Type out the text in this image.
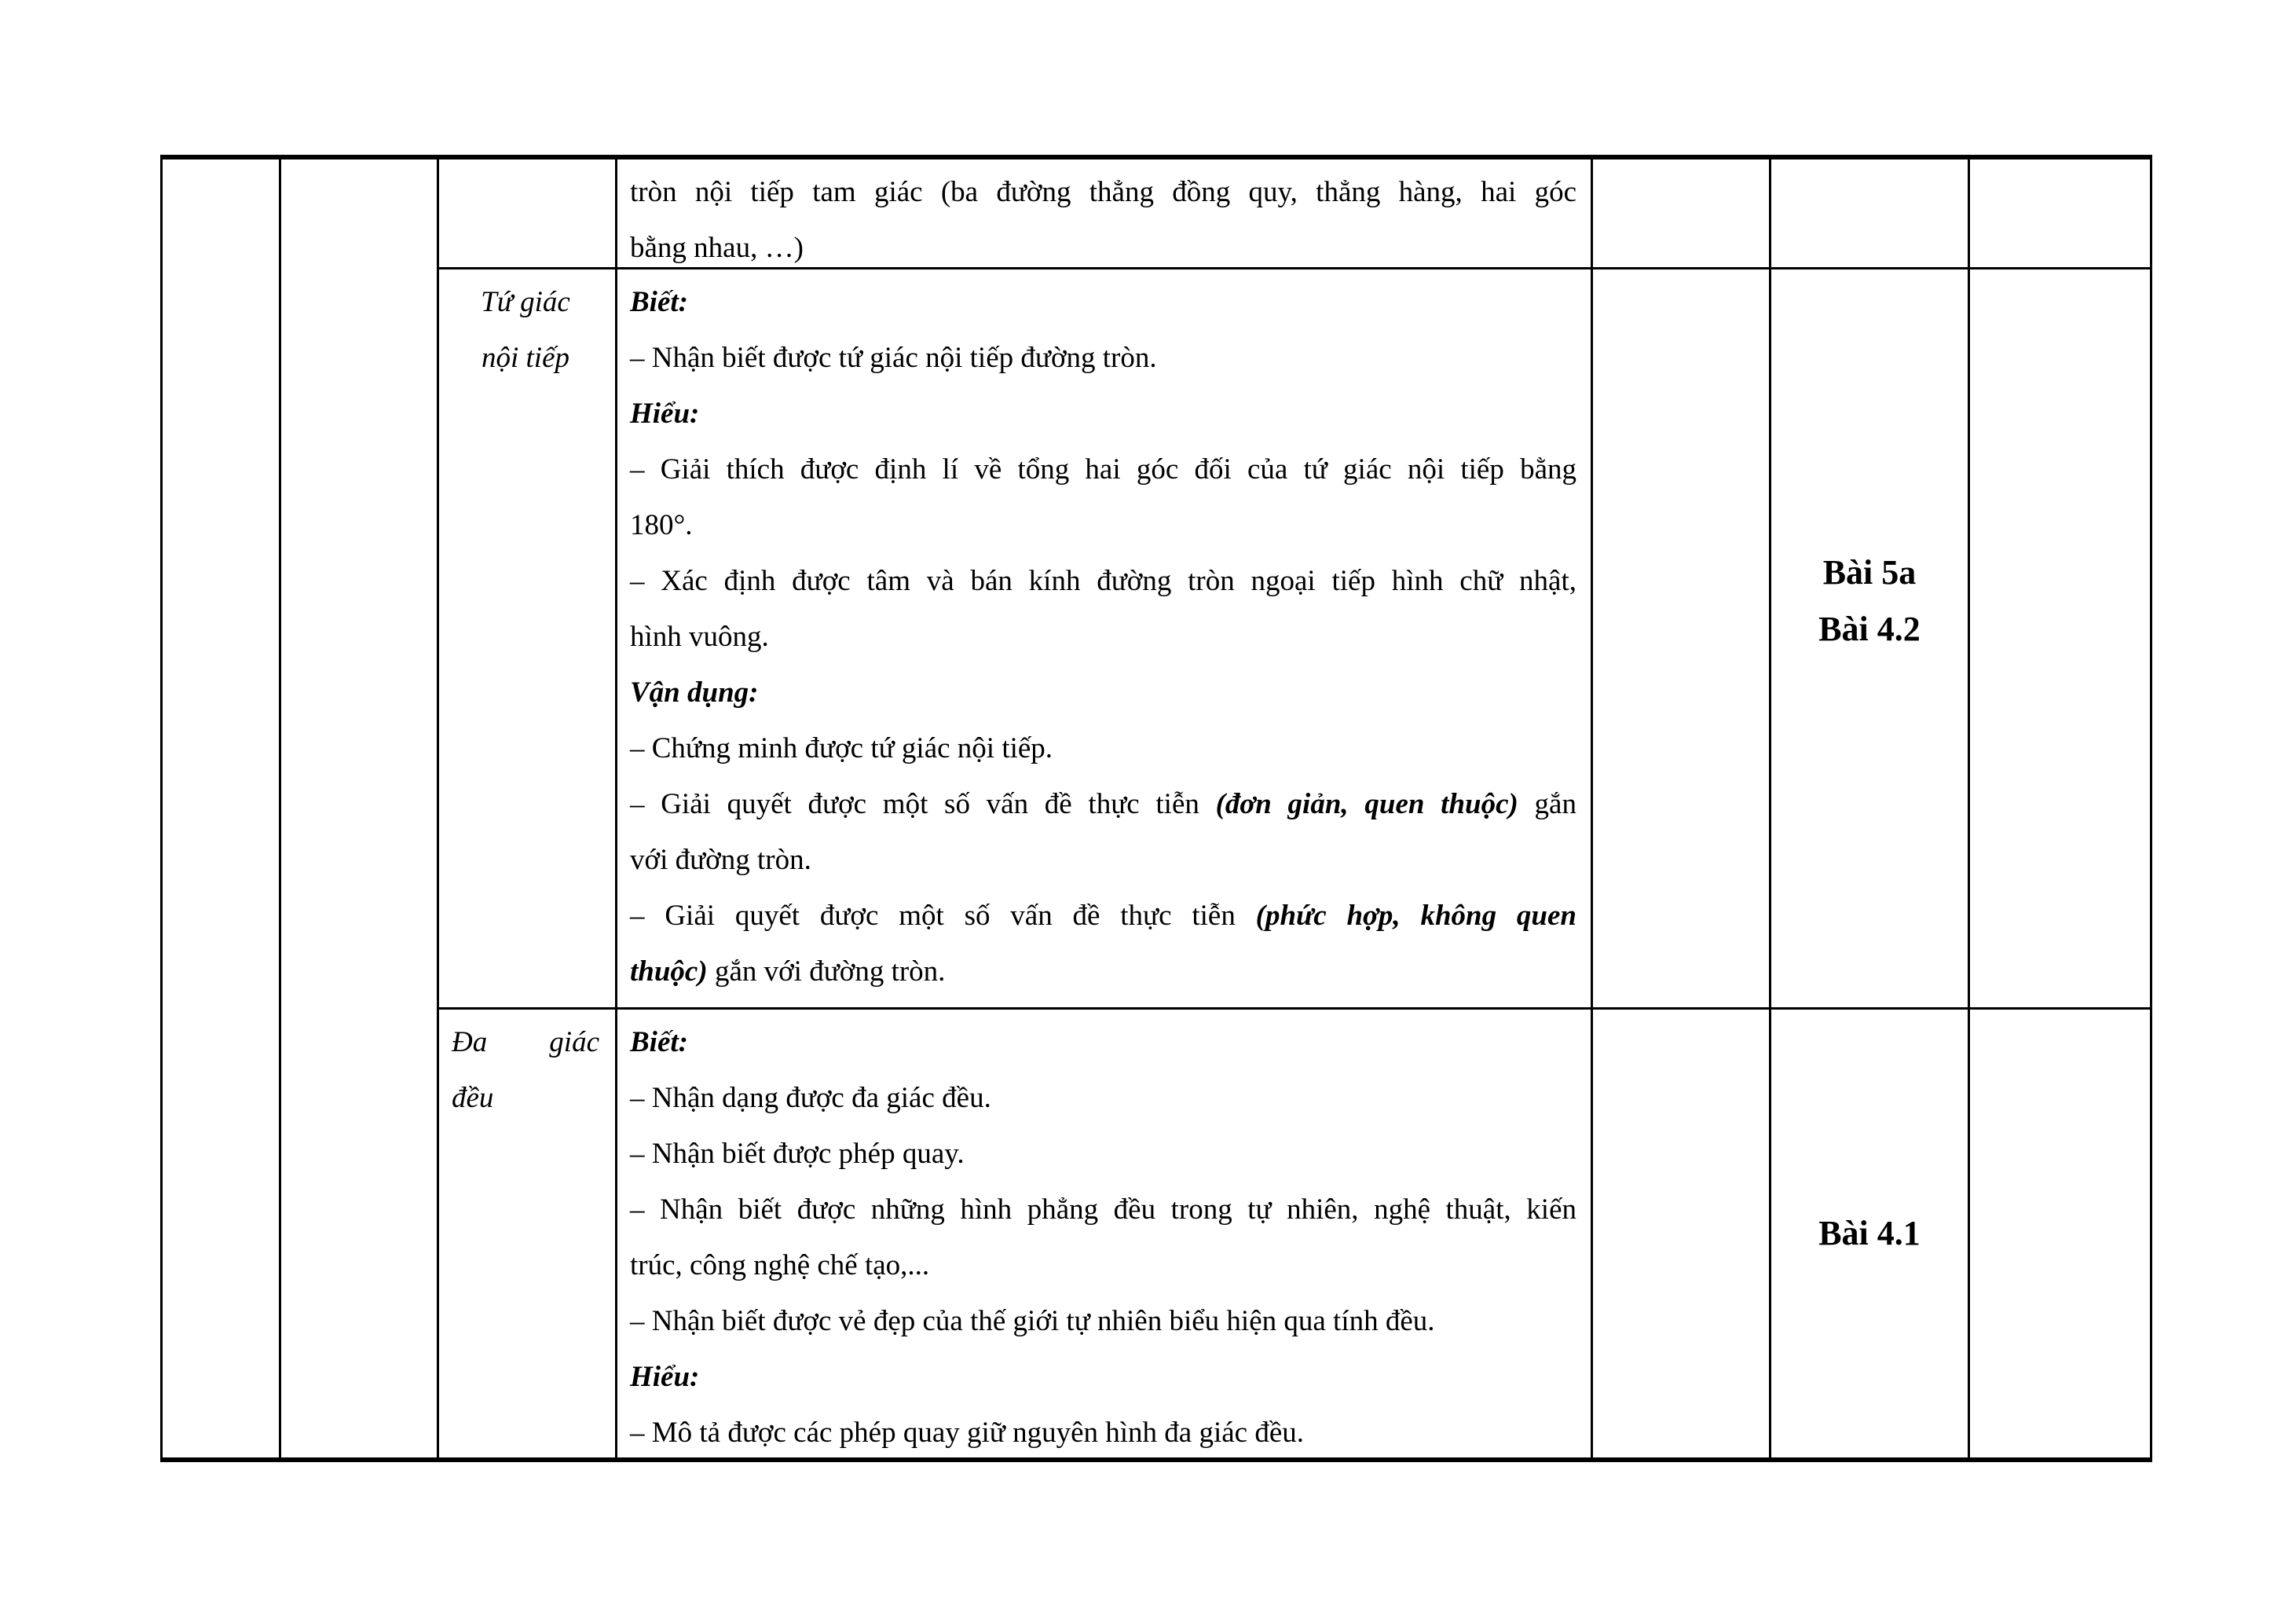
tròn nội tiếp tam giác (ba đường thẳng đồng quy, thẳng hàng, hai góc
bằng nhau, …)
Tứ giác
nội tiếp
Biết:
– Nhận biết được tứ giác nội tiếp đường tròn.
Hiểu:
– Giải thích được định lí về tổng hai góc đối của tứ giác nội tiếp bằng
180°.
– Xác định được tâm và bán kính đường tròn ngoại tiếp hình chữ nhật,
hình vuông.
Vận dụng:
– Chứng minh được tứ giác nội tiếp.
– Giải quyết được một số vấn đề thực tiễn (đơn giản, quen thuộc) gắn
với đường tròn.
– Giải quyết được một số vấn đề thực tiễn (phức hợp, không quen
thuộc) gắn với đường tròn.
Bài 5a
Bài 4.2
Đa giác
đều
Biết:
– Nhận dạng được đa giác đều.
– Nhận biết được phép quay.
– Nhận biết được những hình phẳng đều trong tự nhiên, nghệ thuật, kiến
trúc, công nghệ chế tạo,...
– Nhận biết được vẻ đẹp của thế giới tự nhiên biểu hiện qua tính đều.
Hiểu:
– Mô tả được các phép quay giữ nguyên hình đa giác đều.
Bài 4.1
